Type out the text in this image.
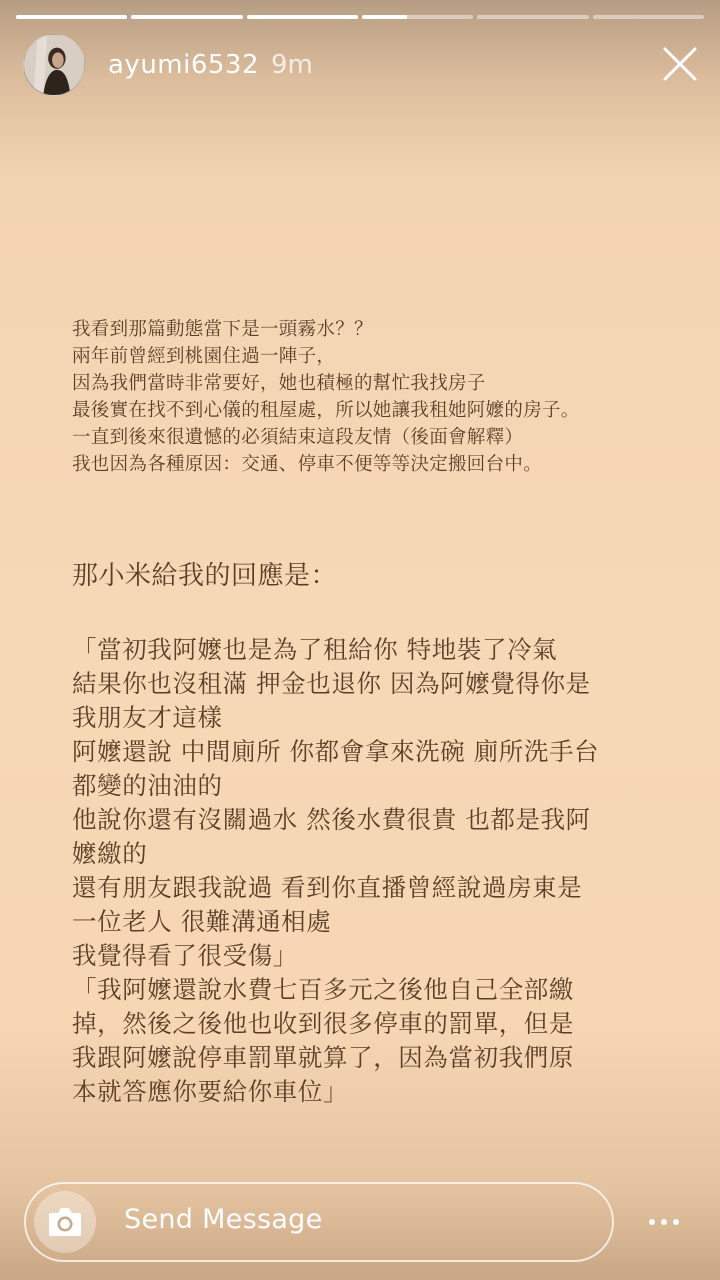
ayumi6532 9m
我看到那篇動態當下是一頭霧水？？
兩年前曾經到桃園住過一陣子，
因為我們當時非常要好，她也積極的幫忙我找房子
最後實在找不到心儀的租屋處，所以她讓我租她阿嬤的房子。
一直到後來很遺憾的必須結束這段友情（後面會解釋）
我也因為各種原因：交通、停車不便等等決定搬回台中。
那小米給我的回應是：
「當初我阿嬤也是為了租給你 特地裝了冷氣
結果你也沒租滿 押金也退你 因為阿嬤覺得你是
我朋友才這樣
阿嬤還說 中間廁所 你都會拿來洗碗 廁所洗手台
都變的油油的
他說你還有沒關過水 然後水費很貴 也都是我阿
嬤繳的
還有朋友跟我說過 看到你直播曾經說過房東是
一位老人 很難溝通相處
我覺得看了很受傷」
「我阿嬤還說水費七百多元之後他自己全部繳
掉，然後之後他也收到很多停車的罰單，但是
我跟阿嬤說停車罰單就算了，因為當初我們原
本就答應你要給你車位」
Send Message
